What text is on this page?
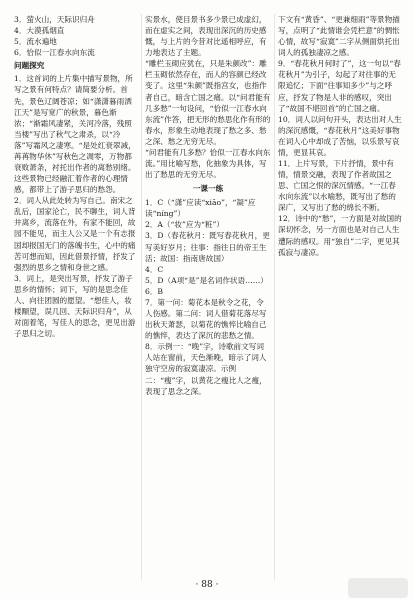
3．萤火山，天际识归舟

4．大漠孤烟直

5．流水遍地

6．恰似一江春水向东流

问题探究

1．这首词的上片集中描写景物，所写之景有何特点？请简要分析。首先，景色辽阔苍凉；如“潇潇暮雨洒江天”是写宽广的秋景，暮色渐浓；“渐霜风凄紧，关河冷落，残照当楼”写出了秋气之肃杀，以“冷落”写霜风之凄寒。“是处红衰翠减，苒苒物华休”写秋色之凋零，万物都衰败萧条，衬托出作者的离愁别绪。这些景物已经融汇着作者的心理情感，都带上了游子思归的愁怨。

2．词人从此处转为写自己。南宋之乱后，国家沦亡，民不聊生，词人背井离乡，流落在外，有家不能回，故园不能见，而主人公又是一个有志报国却报国无门的落魄书生，心中的痛苦可想而知，因此借景抒情，抒发了强烈的思乡之情和身世之感。

3．词上，是突出写景，抒发了游子思乡的情怀；词下，写的是思念佳人、向往团圆的愿望。“想佳人，妆楼颙望，误几回、天际识归舟”，从对面着笔，写佳人的思念，更见出游子思归之切。

实景水，使目景书多少景已成虚幻，而在虚实之间，表现出深沉的历史感慨，与上片的今昔对比遥相呼应，有力地表达了主题。

“雕栏玉砌应犹在，只是朱颜改”：雕栏玉砌依然存在，而人的容颜已经改变了。这里“朱颜”既指宫女，也指作者自己，暗含亡国之痛。以“问君能有几多愁”一句设问，“恰似一江春水向东流”作答，把无形的愁思化作有形的春水，形象生动地表现了愁之多、愁之深、愁之无穷无尽。

“问君能有几多愁？恰似一江春水向东流。”用比喻写愁，化抽象为具体，写出了愁思的无穷无尽。

一课一练

1．C（“潇”应读“xiāo”，“凝”应读“níng”）

2．A（“妆”应为“粧”）

3．D（春花秋月：既写春花秋月，更写美好岁月；往事：指往日的帝王生活；故国：指南唐故国）

4．C

5．D（A项“是”是名词作状语……）

6．B

7．第一问：菊花本是秋令之花，令人伤感。第二问：词人借菊花落尽写出秋天萧瑟，以菊花的憔悴比喻自己的憔悴，表达了深沉的悲愁之情。

8．示例一：“晚”字，诗歌前文写词人站在窗前，天色渐晚，暗示了词人独守空房的寂寞凄凉。示例二：“瘦”字，以黄花之瘦比人之瘦，表现了思念之深。

下文有“黄昏”、“更兼细雨”等景物描写，点明了“此情谁会凭栏意”的惆怅心情，故写“寂寞”二字从侧面烘托出词人的孤独凄凉之感。

9．“春花秋月何时了”，这一句以“春花秋月”为引子，勾起了对往事的无限追忆；下面“往事知多少”与之呼应，抒发了物是人非的感叹，突出了“故国不堪回首”的亡国之痛。

10．词人以问句开头，表达出对人生的深沉感慨，“春花秋月”这美好事物在词人心中却成了苦恼，以乐景写哀情，更显其哀。

11．上片写景，下片抒情，景中有情，情景交融，表现了作者故国之思、亡国之恨的深沉情感。“一江春水向东流”以水喻愁，既写出了愁的深广，又写出了愁的绵长不断。

12．诗中的“愁”，一方面是对故国的深切怀念，另一方面也是对自己人生遭际的感叹。用“独自”二字，更见其孤寂与凄凉。

· 88 ·
